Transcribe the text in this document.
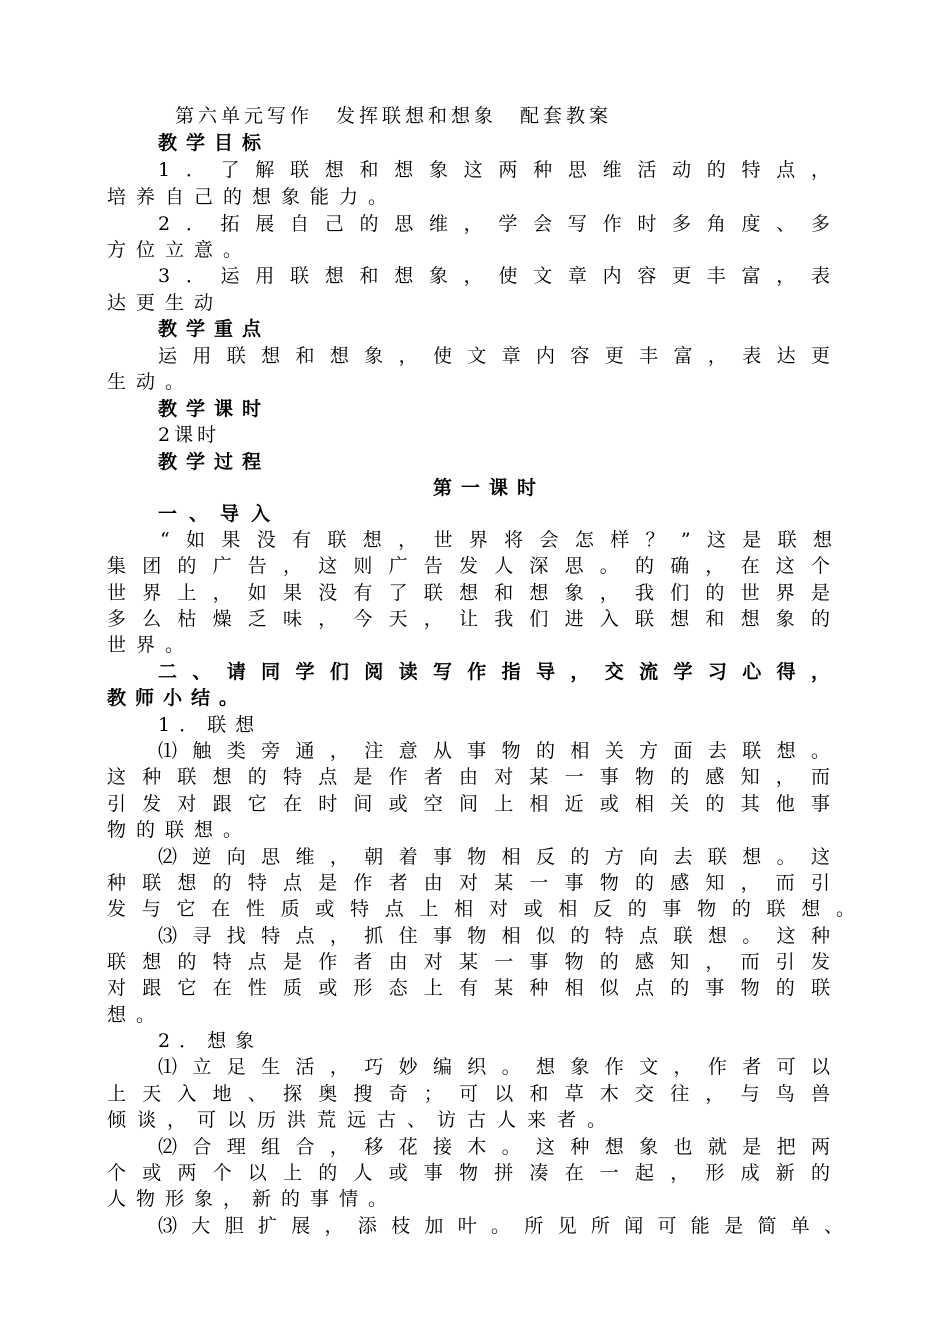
第六单元写作　发挥联想和想象　配套教案
教学目标
1．了解联想和想象这两种思维活动的特点，
培养自己的想象能力。
2．拓展自己的思维，学会写作时多角度、多
方位立意。
3．运用联想和想象，使文章内容更丰富，表
达更生动
教学重点
运用联想和想象，使文章内容更丰富，表达更
生动。
教学课时
2课时
教学过程
第一课时
一、导入
“如果没有联想，世界将会怎样？”这是联想
集团的广告，这则广告发人深思。的确，在这个
世界上，如果没有了联想和想象，我们的世界是
多么枯燥乏味，今天，让我们进入联想和想象的
世界。
二、请同学们阅读写作指导，交流学习心得，
教师小结。
1．联想
⑴触类旁通，注意从事物的相关方面去联想。
这种联想的特点是作者由对某一事物的感知，而
引发对跟它在时间或空间上相近或相关的其他事
物的联想。
⑵逆向思维，朝着事物相反的方向去联想。这
种联想的特点是作者由对某一事物的感知，而引
发与它在性质或特点上相对或相反的事物的联想。
⑶寻找特点，抓住事物相似的特点联想。这种
联想的特点是作者由对某一事物的感知，而引发
对跟它在性质或形态上有某种相似点的事物的联
想。
2．想象
⑴立足生活，巧妙编织。想象作文，作者可以
上天入地、探奥搜奇；可以和草木交往，与鸟兽
倾谈，可以历洪荒远古、访古人来者。
⑵合理组合，移花接木。这种想象也就是把两
个或两个以上的人或事物拼凑在一起，形成新的
人物形象，新的事情。
⑶大胆扩展，添枝加叶。所见所闻可能是简单、
